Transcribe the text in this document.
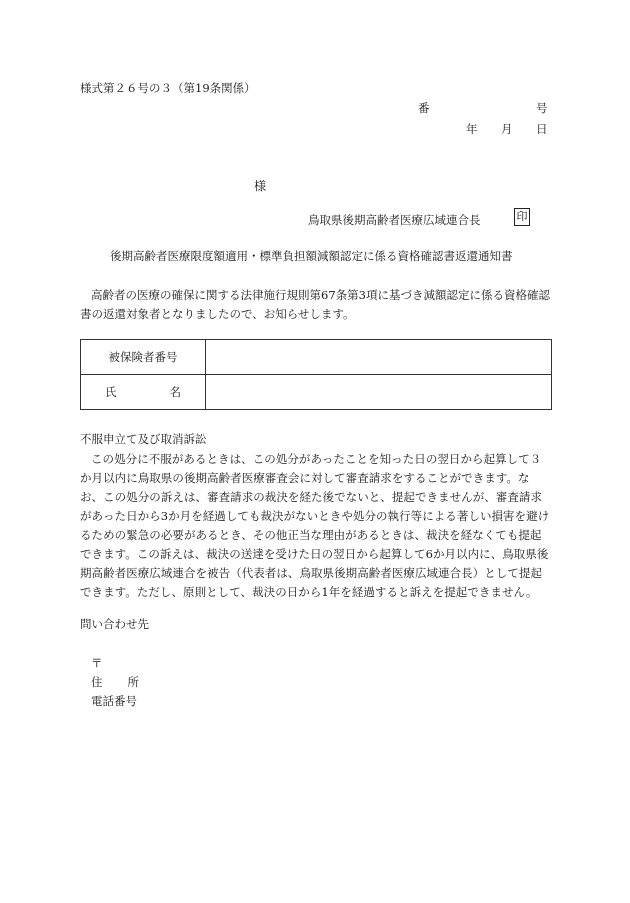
様式第２６号の３（第19条関係）
番	号
年 月 日
様
鳥取県後期高齢者医療広域連合長	印
後期高齢者医療限度額適用・標準負担額減額認定に係る資格確認書返還通知書
高齢者の医療の確保に関する法律施行規則第67条第3項に基づき減額認定に係る資格確認書の返還対象者となりましたので、お知らせします。
被保険者番号	
氏名	
不服申立て及び取消訴訟
この処分に不服があるときは、この処分があったことを知った日の翌日から起算して３か月以内に鳥取県の後期高齢者医療審査会に対して審査請求をすることができます。なお、この処分の訴えは、審査請求の裁決を経た後でないと、提起できませんが、審査請求があった日から3か月を経過しても裁決がないときや処分の執行等による著しい損害を避けるための緊急の必要があるとき、その他正当な理由があるときは、裁決を経なくても提起できます。この訴えは、裁決の送達を受けた日の翌日から起算して6か月以内に、鳥取県後期高齢者医療広域連合を被告（代表者は、鳥取県後期高齢者医療広域連合長）として提起できます。ただし、原則として、裁決の日から1年を経過すると訴えを提起できません。
問い合わせ先
〒
住所
電話番号
